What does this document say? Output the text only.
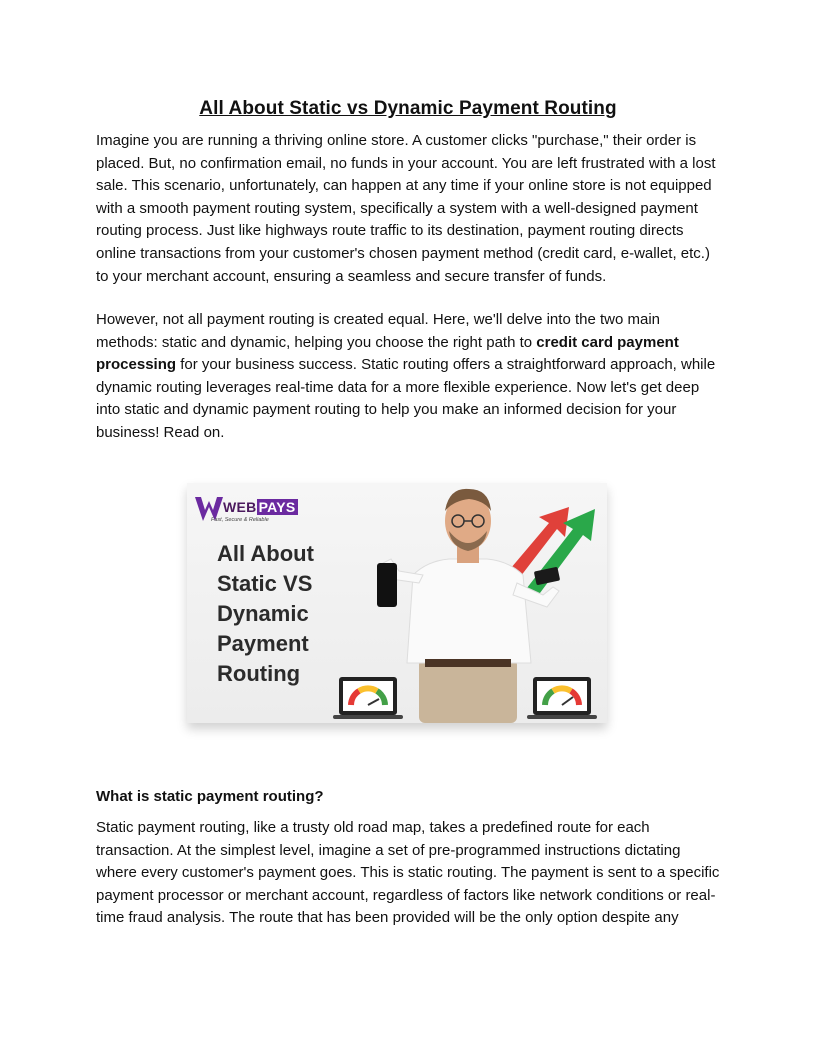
All About Static vs Dynamic Payment Routing

Imagine you are running a thriving online store. A customer clicks "purchase," their order is placed. But, no confirmation email, no funds in your account. You are left frustrated with a lost sale. This scenario, unfortunately, can happen at any time if your online store is not equipped with a smooth payment routing system, specifically a system with a well-designed payment routing process. Just like highways route traffic to its destination, payment routing directs online transactions from your customer's chosen payment method (credit card, e-wallet, etc.) to your merchant account, ensuring a seamless and secure transfer of funds.

However, not all payment routing is created equal. Here, we'll delve into the two main methods: static and dynamic, helping you choose the right path to credit card payment processing for your business success. Static routing offers a straightforward approach, while dynamic routing leverages real-time data for a more flexible experience. Now let's get deep into static and dynamic payment routing to help you make an informed decision for your business! Read on.

WEB PAYS
Fast, Secure & Reliable
All About
Static VS
Dynamic
Payment
Routing
What is static payment routing?

Static payment routing, like a trusty old road map, takes a predefined route for each transaction. At the simplest level, imagine a set of pre-programmed instructions dictating where every customer's payment goes. This is static routing. The payment is sent to a specific payment processor or merchant account, regardless of factors like network conditions or real-time fraud analysis. The route that has been provided will be the only option despite any
